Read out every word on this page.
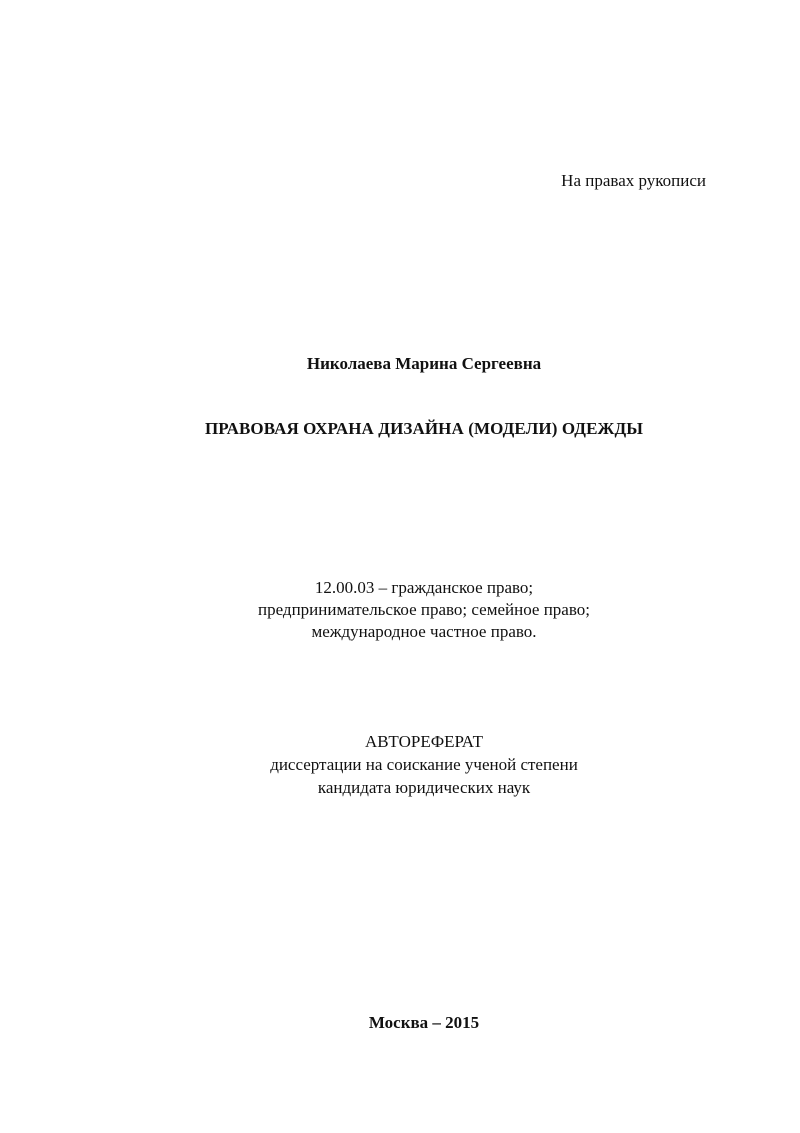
На правах рукописи
Николаева Марина Сергеевна
ПРАВОВАЯ ОХРАНА ДИЗАЙНА (МОДЕЛИ) ОДЕЖДЫ
12.00.03 – гражданское право;
предпринимательское право; семейное право;
международное частное право.
АВТОРЕФЕРАТ
диссертации на соискание ученой степени
кандидата юридических наук
Москва – 2015
